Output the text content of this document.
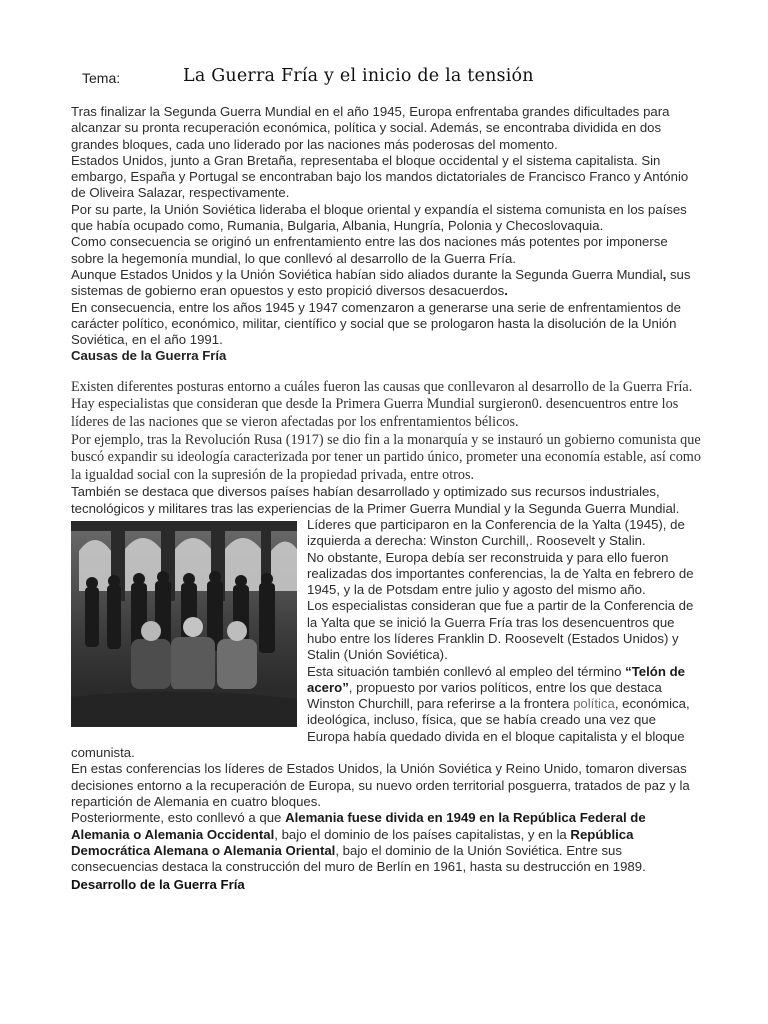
Tema:	La Guerra Fría y el inicio de la tensión

Tras finalizar la Segunda Guerra Mundial en el año 1945, Europa enfrentaba grandes dificultades para alcanzar su pronta recuperación económica, política y social. Además, se encontraba dividida en dos grandes bloques, cada uno liderado por las naciones más poderosas del momento.

Estados Unidos, junto a Gran Bretaña, representaba el bloque occidental y el sistema capitalista. Sin embargo, España y Portugal se encontraban bajo los mandos dictatoriales de Francisco Franco y António de Oliveira Salazar, respectivamente.

Por su parte, la Unión Soviética lideraba el bloque oriental y expandía el sistema comunista en los países que había ocupado como, Rumania, Bulgaria, Albania, Hungría, Polonia y Checoslovaquia.

Como consecuencia se originó un enfrentamiento entre las dos naciones más potentes por imponerse sobre la hegemonía mundial, lo que conllevó al desarrollo de la Guerra Fría.

Aunque Estados Unidos y la Unión Soviética habían sido aliados durante la Segunda Guerra Mundial, sus sistemas de gobierno eran opuestos y esto propició diversos desacuerdos.

En consecuencia, entre los años 1945 y 1947 comenzaron a generarse una serie de enfrentamientos de carácter político, económico, militar, científico y social que se prologaron hasta la disolución de la Unión Soviética, en el año 1991.

Causas de la Guerra Fría

Existen diferentes posturas entorno a cuáles fueron las causas que conllevaron al desarrollo de la Guerra Fría. Hay especialistas que consideran que desde la Primera Guerra Mundial surgieron0. desencuentros entre los líderes de las naciones que se vieron afectadas por los enfrentamientos bélicos.

Por ejemplo, tras la Revolución Rusa (1917) se dio fin a la monarquía y se instauró un gobierno comunista que buscó expandir su ideología caracterizada por tener un partido único, prometer una economía estable, así como la igualdad social con la supresión de la propiedad privada, entre otros.

También se destaca que diversos países habían desarrollado y optimizado sus recursos industriales, tecnológicos y militares tras las experiencias de la Primer Guerra Mundial y la Segunda Guerra Mundial.

Líderes que participaron en la Conferencia de la Yalta (1945), de izquierda a derecha: Winston Curchill,. Roosevelt y Stalin.

No obstante, Europa debía ser reconstruida y para ello fueron realizadas dos importantes conferencias, la de Yalta en febrero de 1945, y la de Potsdam entre julio y agosto del mismo año.

Los especialistas consideran que fue a partir de la Conferencia de la Yalta que se inició la Guerra Fría tras los desencuentros que hubo entre los líderes Franklin D. Roosevelt (Estados Unidos) y Stalin (Unión Soviética).

Esta situación también conllevó al empleo del término “Telón de acero”, propuesto por varios políticos, entre los que destaca Winston Churchill, para referirse a la frontera política, económica, ideológica, incluso, física, que se había creado una vez que Europa había quedado divida en el bloque capitalista y el bloque comunista.

En estas conferencias los líderes de Estados Unidos, la Unión Soviética y Reino Unido, tomaron diversas decisiones entorno a la recuperación de Europa, su nuevo orden territorial posguerra, tratados de paz y la repartición de Alemania en cuatro bloques.

Posteriormente, esto conllevó a que Alemania fuese divida en 1949 en la República Federal de Alemania o Alemania Occidental, bajo el dominio de los países capitalistas, y en la República Democrática Alemana o Alemania Oriental, bajo el dominio de la Unión Soviética. Entre sus consecuencias destaca la construcción del muro de Berlín en 1961, hasta su destrucción en 1989.

Desarrollo de la Guerra Fría
